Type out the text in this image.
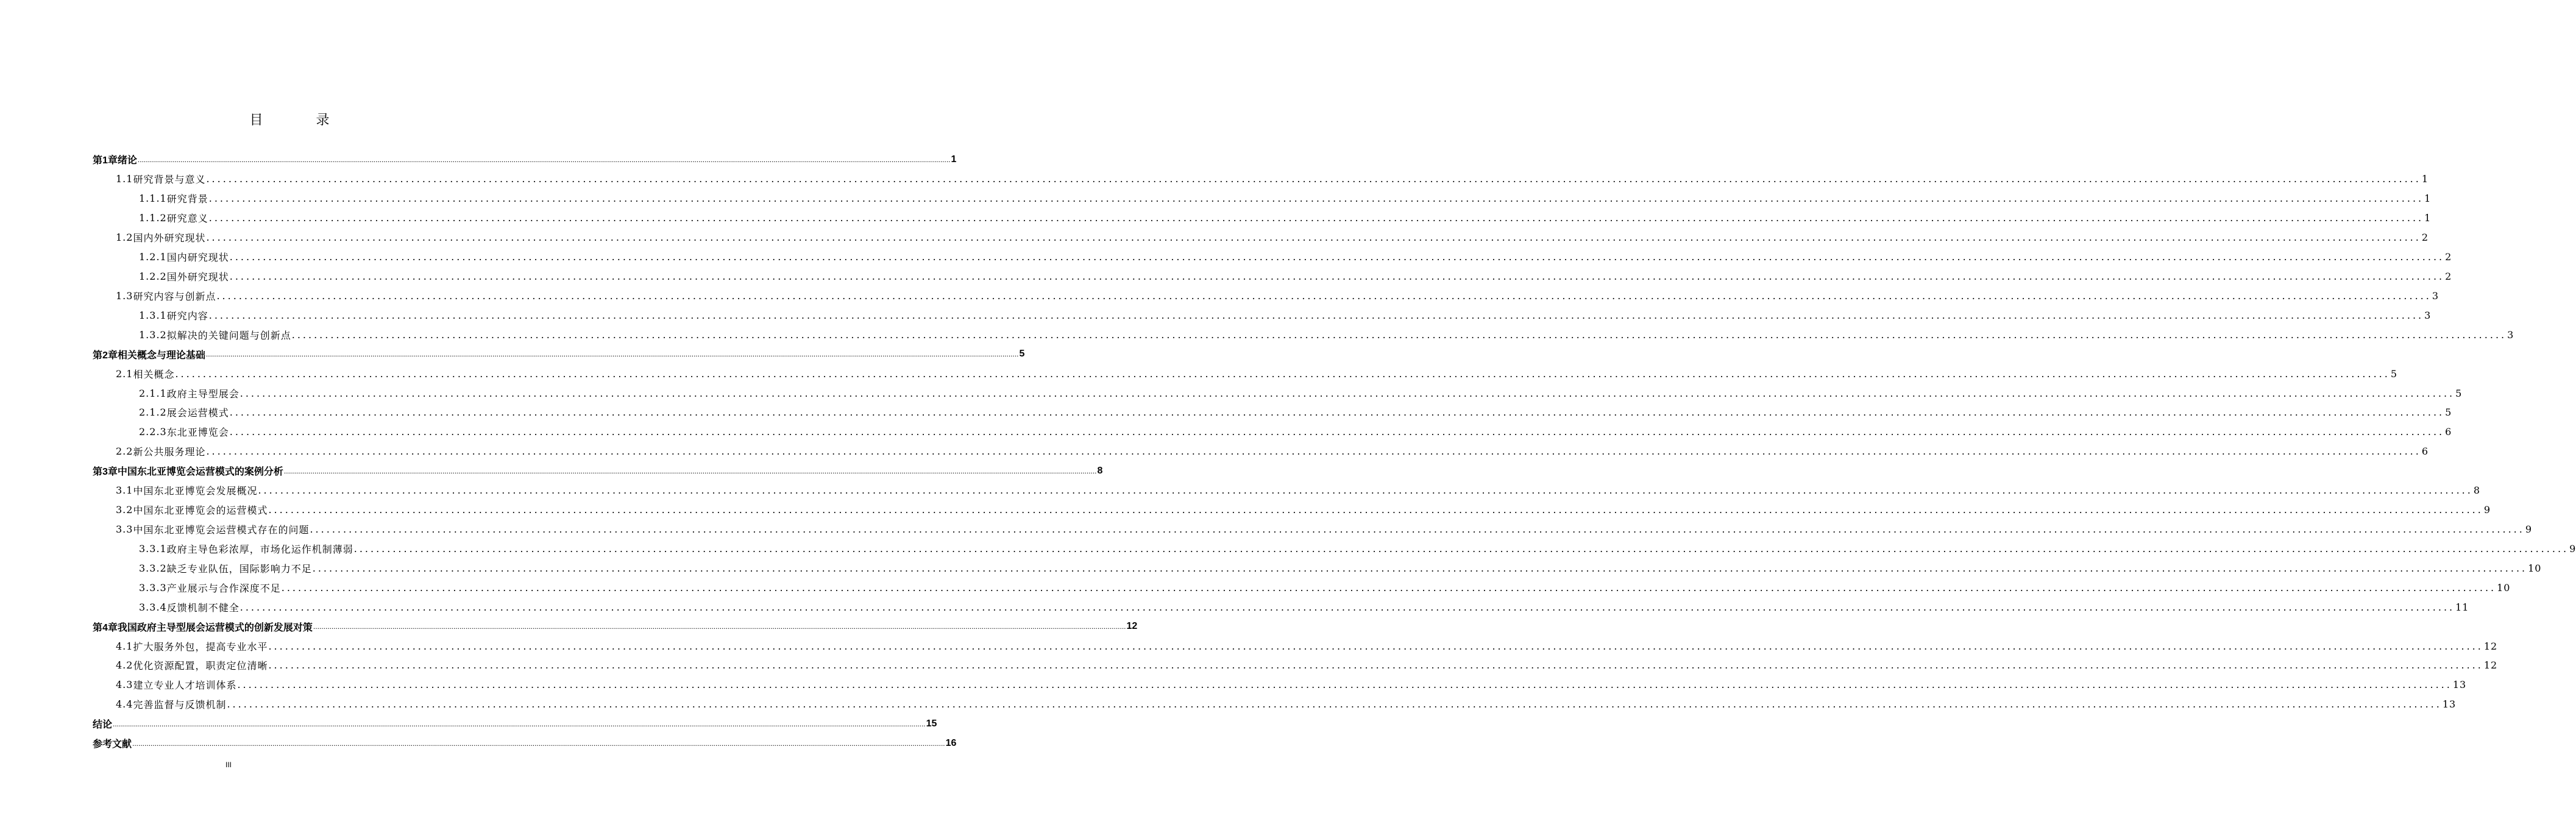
目 录
第1章 绪论 ................................................................................................................................................................................................................................................................................................................................................................................................................ 1
1.1 研究背景与意义 ................................................................................................................................................................................................................................................................................................................................................................................................................ 1
1.1.1 研究背景 ................................................................................................................................................................................................................................................................................................................................................................................................................ 1
1.1.2 研究意义 ................................................................................................................................................................................................................................................................................................................................................................................................................ 1
1.2 国内外研究现状 ................................................................................................................................................................................................................................................................................................................................................................................................................ 2
1.2.1 国内研究现状 ................................................................................................................................................................................................................................................................................................................................................................................................................ 2
1.2.2 国外研究现状 ................................................................................................................................................................................................................................................................................................................................................................................................................ 2
1.3 研究内容与创新点 ................................................................................................................................................................................................................................................................................................................................................................................................................ 3
1.3.1 研究内容 ................................................................................................................................................................................................................................................................................................................................................................................................................ 3
1.3.2 拟解决的关键问题与创新点 ................................................................................................................................................................................................................................................................................................................................................................................................................ 3
第2章 相关概念与理论基础 ................................................................................................................................................................................................................................................................................................................................................................................................................ 5
2.1 相关概念 ................................................................................................................................................................................................................................................................................................................................................................................................................ 5
2.1.1 政府主导型展会 ................................................................................................................................................................................................................................................................................................................................................................................................................ 5
2.1.2 展会运营模式 ................................................................................................................................................................................................................................................................................................................................................................................................................ 5
2.2.3 东北亚博览会 ................................................................................................................................................................................................................................................................................................................................................................................................................ 6
2.2 新公共服务理论 ................................................................................................................................................................................................................................................................................................................................................................................................................ 6
第3章 中国东北亚博览会运营模式的案例分析 ................................................................................................................................................................................................................................................................................................................................................................................................................ 8
3.1 中国东北亚博览会发展概况 ................................................................................................................................................................................................................................................................................................................................................................................................................ 8
3.2 中国东北亚博览会的运营模式 ................................................................................................................................................................................................................................................................................................................................................................................................................ 9
3.3 中国东北亚博览会运营模式存在的问题 ................................................................................................................................................................................................................................................................................................................................................................................................................ 9
3.3.1 政府主导色彩浓厚，市场化运作机制薄弱 ................................................................................................................................................................................................................................................................................................................................................................................................................ 9
3.3.2 缺乏专业队伍，国际影响力不足 ................................................................................................................................................................................................................................................................................................................................................................................................................ 10
3.3.3 产业展示与合作深度不足 ................................................................................................................................................................................................................................................................................................................................................................................................................ 10
3.3.4 反馈机制不健全 ................................................................................................................................................................................................................................................................................................................................................................................................................ 11
第4章 我国政府主导型展会运营模式的创新发展对策 ................................................................................................................................................................................................................................................................................................................................................................................................................ 12
4.1 扩大服务外包，提高专业水平 ................................................................................................................................................................................................................................................................................................................................................................................................................ 12
4.2 优化资源配置，职责定位清晰 ................................................................................................................................................................................................................................................................................................................................................................................................................ 12
4.3 建立专业人才培训体系 ................................................................................................................................................................................................................................................................................................................................................................................................................ 13
4.4 完善监督与反馈机制 ................................................................................................................................................................................................................................................................................................................................................................................................................ 13
结论 ................................................................................................................................................................................................................................................................................................................................................................................................................ 15
参考文献 ................................................................................................................................................................................................................................................................................................................................................................................................................ 16
III
